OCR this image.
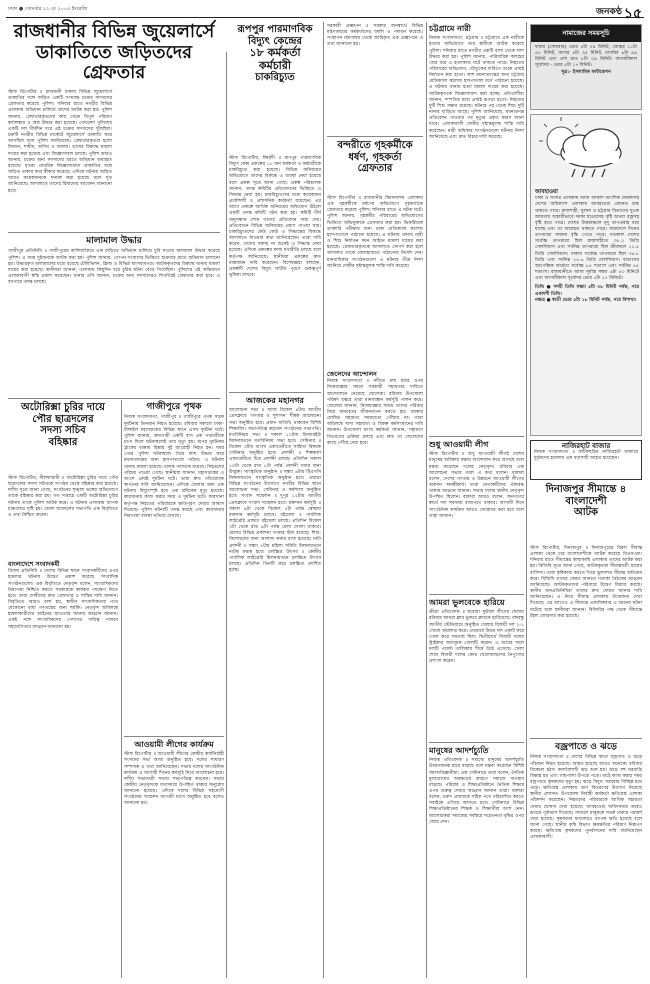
ঢাকা ● সোমবার ১২ মে ২০০৩ ইংরেজি	জনকণ্ঠ ১৫
রাজধানীর বিভিন্ন জুয়েলার্সে
ডাকাতিতে জড়িতদের
গ্রেফতার
স্টাফ রিপোর্টার ॥ রাজধানী ঢাকায় বিভিন্ন জুয়েলার্সে ডাকাতির সঙ্গে জড়িত একটি সংঘবদ্ধ চক্রের সদস্যদের গ্রেফতার করেছে পুলিশ। শনিবার রাতে নগরীর বিভিন্ন এলাকায় অভিযান চালিয়ে তাদের আটক করা হয়। পুলিশ জানায়, গ্রেফতারকৃতদের কাছ থেকে বিপুল পরিমাণ স্বর্ণালঙ্কার ও অস্ত্র উদ্ধার করা হয়েছে। গোয়েন্দা পুলিশের একটি দল দীর্ঘদিন ধরে এই চক্রের সদস্যদের খুঁজছিল। চক্রটি নগরীর বিভিন্ন মার্কেটে জুয়েলার্সে ডাকাতি করে আসছিল বলে পুলিশ জানিয়েছে। গ্রেফতারকৃতরা হলো মিজান, শামীম, জসিম ও আলম। তাদের বিরুদ্ধে মামলা দায়ের করা হয়েছে এবং জিজ্ঞাসাবাদ চলছে। পুলিশ আরও জানায়, চক্রের অন্য সদস্যদের ধরতে অভিযান অব্যাহত রয়েছে। ধৃতরা প্রাথমিক জিজ্ঞাসাবাদে ডাকাতির সঙ্গে জড়িত থাকার কথা স্বীকার করেছে। এদিকে ঘটনায় জড়িত আরও কয়েকজনকে শনাক্ত করা হয়েছে বলে সূত্র জানিয়েছে। আদালতে তাদের রিমান্ডের আবেদন জানানো হবে।
মালামাল উদ্ধার
গাজীপুর প্রতিনিধি ॥ গাজীপুরের কালিয়াকৈরে এক বাড়িতে অভিযান চালিয়ে চুরি যাওয়া মালামাল উদ্ধার করেছে পুলিশ। এ সময় দুইজনকে আটক করা হয়। পুলিশ জানায়, গোপন সংবাদের ভিত্তিতে শুক্রবার রাতে অভিযান চালানো হয়। উদ্ধারকৃত মালামালের মধ্যে রয়েছে টেলিভিশন, ফ্রিজ ও বিভিন্ন আসবাবপত্র। আটককৃতদের বিরুদ্ধে থানায় মামলা দায়ের করা হয়েছে। স্থানীয়রা জানান, এলাকায় কিছুদিন ধরে চুরির ঘটনা বেড়ে গিয়েছিল। পুলিশের এই অভিযানে এলাকাবাসী স্বস্তি প্রকাশ করেছেন। থানার ওসি জানান, চক্রের অন্য সদস্যদেরও শিগগিরই গ্রেফতার করা হবে। এ ব্যাপারে তদন্ত চলছে।
অটোরিক্সা চুরির দায়ে
পৌর ছাত্রদলের
সদস্য সচিব
বহিষ্কার
স্টাফ রিপোর্টার, নীলফামারী ॥ অটোরিক্সা চুরির দায়ে পৌর ছাত্রদলের সদস্য সচিবকে সংগঠন থেকে বহিষ্কার করা হয়েছে। দলীয় সূত্রে জানা গেছে, সংগঠনের শৃঙ্খলা ভঙ্গের অভিযোগে তাকে বহিষ্কার করা হয়। গত সপ্তাহে একটি অটোরিক্সা চুরির ঘটনায় তাকে পুলিশ আটক করে। এ ঘটনায় এলাকায় ব্যাপক চাঞ্চল্যের সৃষ্টি হয়। জেলা ছাত্রদলের সভাপতি এক বিবৃতিতে এ তথ্য নিশ্চিত করেন।
বাংলাদেশে সংবাদকর্মী
বিশেষ প্রতিনিধি ॥ দেশের বিভিন্ন স্থানে সংবাদকর্মীদের ওপর হামলার ঘটনায় উদ্বেগ প্রকাশ করেছে সাংবাদিক সংগঠনগুলো। এক বিবৃতিতে নেতৃবৃন্দ বলেন, সাংবাদিকদের নিরাপত্তা নিশ্চিত করতে সরকারকে কার্যকর পদক্ষেপ নিতে হবে। তারা দোষীদের দ্রুত গ্রেফতার ও শাস্তির দাবি জানান। বিবৃতিতে আরও বলা হয়, স্বাধীন সাংবাদিকতার পথে যেকোনো বাধা গণতন্ত্রের জন্য হুমকি। নেতৃবৃন্দ অবিলম্বে হামলাকারীদের আইনের আওতায় আনার আহ্বান জানান। একই সঙ্গে সাংবাদিকদের পেশাগত দায়িত্ব পালনে সহযোগিতার আহ্বান জানানো হয়।
গাজীপুরে পৃথক
নিজস্ব সংবাদদাতা, গাজীপুর ॥ গাজীপুরে পৃথক সড়ক দুর্ঘটনায় তিনজন নিহত হয়েছে। রবিবার সকালে ঢাকা-টাঙ্গাইল মহাসড়কের বিভিন্ন স্থানে এসব দুর্ঘটনা ঘটে। পুলিশ জানায়, দ্রুতগামী একটি বাস এক পথচারীকে চাপা দিলে ঘটনাস্থলেই তার মৃত্যু হয়। অপর দুর্ঘটনায় ট্রাকের ধাক্কায় রিক্সার দুই আরোহী নিহত হন। খবর পেয়ে পুলিশ ঘটনাস্থলে গিয়ে লাশ উদ্ধার করে ময়নাতদন্তের জন্য হাসপাতালে পাঠায়। এ ঘটনায় থানায় মামলা হয়েছে। চালক পলাতক রয়েছে। নিহতদের পরিচয় পাওয়া গেছে। স্থানীয়রা জানান, মহাসড়কের এ অংশে প্রায়ই দুর্ঘটনা ঘটে। তারা দ্রুত গতিরোধক স্থাপনের দাবি জানিয়েছেন। এদিকে জেলার অন্য এক ঘটনায় বিদ্যুৎস্পৃষ্ট হয়ে এক শ্রমিকের মৃত্যু হয়েছে। কারখানায় কাজ করার সময় এ দুর্ঘটনা ঘটে। কারখানা কর্তৃপক্ষ নিহতের পরিবারকে ক্ষতিপূরণ দেয়ার আশ্বাস দিয়েছে। পুলিশ ঘটনাটি তদন্ত করছে এবং কারখানার নিরাপত্তা ব্যবস্থা খতিয়ে দেখছে।
আওয়ামী লীগের কার্যক্রম
স্টাফ রিপোর্টার ॥ আওয়ামী লীগের কেন্দ্রীয় কার্যনির্বাহী সংসদের সভা আজ অনুষ্ঠিত হবে। দলের সাধারণ সম্পাদক এ তথ্য জানিয়েছেন। সভায় দলের সাংগঠনিক কার্যক্রম ও আগামী দিনের কর্মসূচি নিয়ে আলোচনা হবে। দলীয় সভানেত্রী সভায় সভাপতিত্ব করবেন। সভায় কেন্দ্রীয় নেতৃবৃন্দকে যথাসময়ে উপস্থিত থাকার অনুরোধ জানানো হয়েছে। এদিকে দলের বিভিন্ন সহযোগী সংগঠনের সম্মেলন আগামী মাসে অনুষ্ঠিত হবে বলেও জানানো হয়।
রূপপুর পারমাণবিক
বিদ্যুৎ কেন্দ্রের
১৮ কর্মকর্তা
কর্মচারী
চাকরিচ্যুত
স্টাফ রিপোর্টার, ঈশ্বরদী ॥ রূপপুর পারমাণবিক বিদ্যুৎ কেন্দ্র প্রকল্পের ১৮ জন কর্মকর্তা ও কর্মচারীকে চাকরিচ্যুত করা হয়েছে। বিভিন্ন অনিয়মের অভিযোগে তাদের বিরুদ্ধে এ ব্যবস্থা নেয়া হয়েছে বলে প্রকল্প সূত্রে জানা গেছে। প্রকল্প পরিচালক জানান, তদন্ত কমিটির প্রতিবেদনের ভিত্তিতে এ সিদ্ধান্ত নেয়া হয়। চাকরিচ্যুতদের মধ্যে কয়েকজন প্রকৌশলী ও প্রশাসনিক কর্মকর্তা রয়েছেন। এর আগে প্রকল্পে আর্থিক অনিয়মের অভিযোগ উঠলে একটি তদন্ত কমিটি গঠন করা হয়। কমিটি দীর্ঘ অনুসন্ধান শেষে তাদের প্রতিবেদন জমা দেয়। প্রতিবেদনে বিভিন্ন অনিয়মের প্রমাণ পাওয়া যায়। চাকরিচ্যুতদের কেউ কেউ এ সিদ্ধান্তের বিরুদ্ধে আদালতে যাওয়ার কথা জানিয়েছেন। তারা দাবি করেন, তাদের বক্তব্য না শুনেই এ সিদ্ধান্ত নেয়া হয়েছে। এদিকে প্রকল্পের কাজ যথারীতি চলছে বলে কর্তৃপক্ষ জানিয়েছে। স্থানীয়রা প্রকল্পের দ্রুত বাস্তবায়ন দাবি করেছেন। বিশেষজ্ঞরা বলছেন, প্রকল্পটি দেশের বিদ্যুৎ ঘাটতি পূরণে গুরুত্বপূর্ণ ভূমিকা রাখবে।
আজকের মহানগর
আলোচনা সভা ॥ আজ বিকেল ৪টায় জাতীয় প্রেসক্লাবে 'গণতন্ত্র ও সুশাসন' শীর্ষক আলোচনা সভা অনুষ্ঠিত হবে। প্রধান অতিথি থাকবেন বিশিষ্ট শিক্ষাবিদ। সভাপতিত্ব করবেন সংগঠনের সভাপতি। মতবিনিময় সভা ॥ সকাল ১০টায় ডিআরইউ মিলনায়তনে মতবিনিময় সভা হবে। সেমিনার ॥ বিকেল ৩টায় বাংলা একাডেমীতে সাহিত্য বিষয়ক সেমিনার অনুষ্ঠিত হবে। প্রদর্শনী ॥ শিল্পকলা একাডেমীতে চিত্র প্রদর্শনী চলছে। প্রতিদিন সকাল ১০টা থেকে রাত ৮টা পর্যন্ত প্রদর্শনী সবার জন্য উন্মুক্ত। সাংস্কৃতিক অনুষ্ঠান ॥ সন্ধ্যা ৬টায় টিএসসি মিলনায়তনে সাংস্কৃতিক অনুষ্ঠান হবে। এছাড়া বিভিন্ন সংগঠনের উদ্যোগে নগরীর বিভিন্ন স্থানে আলোচনা সভা, সেমিনার ও কর্মশালা অনুষ্ঠিত হবে। সংবাদ সম্মেলন ॥ দুপুর ১২টায় জাতীয় প্রেসক্লাবে সংবাদ সম্মেলন হবে। রক্তদান কর্মসূচি ॥ সকাল ৯টা থেকে বিকেল ৫টা পর্যন্ত স্বেচ্ছায় রক্তদান কর্মসূচি চলবে। বইমেলা ॥ পাবলিক লাইব্রেরি প্রাঙ্গণে বইমেলা চলছে। প্রতিদিন বিকেল ৩টা থেকে রাত ৯টা পর্যন্ত মেলা খোলা থাকবে। মেলায় বিভিন্ন প্রকাশনা সংস্থার স্টল রয়েছে। শিশু-কিশোরদের জন্য আলাদা কর্নার রাখা হয়েছে। নাট্য প্রদর্শনী ॥ সন্ধ্যা ৭টায় মহিলা সমিতি মিলনায়তনে নাটক মঞ্চস্থ হবে। চলচ্চিত্র উৎসব ॥ কেন্দ্রীয় পাবলিক লাইব্রেরি মিলনায়তনে চলচ্চিত্র উৎসব চলছে। প্রতিদিন তিনটি করে চলচ্চিত্র প্রদর্শিত হচ্ছে।
সরকারী প্রজ্ঞাপন ॥ সরকার জনস্বার্থে বিভিন্ন মন্ত্রণালয়ের কর্মকর্তাদের বদলি ও পদায়ন করেছে। সংস্থাপন মন্ত্রণালয় থেকে জারিকৃত এক প্রজ্ঞাপনে এ তথ্য জানানো হয়।
বন্দরীতে গৃহকর্মীকে
ধর্ষণ, গৃহকর্তা
গ্রেফতার
স্টাফ রিপোর্টার ॥ রাজধানীর বিমানবন্দর এলাকায় এক গৃহকর্মীকে ধর্ষণের অভিযোগে গৃহকর্তাকে গ্রেফতার করেছে পুলিশ। শনিবার রাতে এ ঘটনা ঘটে। পুলিশ জানায়, গৃহকর্মীর পরিবারের অভিযোগের ভিত্তিতে অভিযুক্তকে গ্রেফতার করা হয়। ভিকটিমকে ডাক্তারি পরীক্ষার জন্য ঢাকা মেডিক্যাল কলেজ হাসপাতালে পাঠানো হয়েছে। এ ঘটনায় থানায় নারী ও শিশু নির্যাতন দমন আইনে মামলা দায়ের করা হয়েছে। গ্রেফতারকৃতকে আদালতে সোপর্দ করা হলে আদালত তাকে জেলহাজতে পাঠানোর নির্দেশ দেন। মানবাধিকার সংগঠনগুলো এ ঘটনার তীব্র নিন্দা জানিয়ে দোষীর দৃষ্টান্তমূলক শাস্তি দাবি করেছে।
জেলেদের আন্দোলন
নিজস্ব সংবাদদাতা ॥ নদীতে মাছ ধরার ওপর নিষেধাজ্ঞার সময়ে সরকারী সহায়তার দাবিতে আন্দোলনে নেমেছে জেলেরা। রবিবার উপজেলা পরিষদ চত্বরে তারা মানববন্ধন কর্মসূচি পালন করে। জেলেরা জানান, নিষেধাজ্ঞার সময়ে তাদের পরিবার নিয়ে মানবেতর জীবনযাপন করতে হয়। সরকার ঘোষিত সহায়তা সময়মতো পৌঁছায় না। তারা অবিলম্বে খাদ্য সহায়তা ও বিকল্প কর্মসংস্থানের দাবি জানান। উপজেলা মৎস্য কর্মকর্তা জানান, সহায়তা বিতরণের প্রক্রিয়া চলছে এবং দ্রুত তা জেলেদের কাছে পৌঁছে দেয়া হবে।
চট্টগ্রামে নারী
নিজস্ব সংবাদদাতা, চট্টগ্রাম ॥ চট্টগ্রামে এক নারীকে হত্যার অভিযোগে তার স্বামীকে আটক করেছে পুলিশ। শনিবার রাতে নগরীর একটি বাসা থেকে লাশ উদ্ধার করা হয়। পুলিশ জানায়, পারিবারিক কলহের জের ধরে এ হত্যাকাণ্ড ঘটে থাকতে পারে। নিহতের পরিবারের অভিযোগ, যৌতুকের দাবিতে তাকে প্রায়ই নির্যাতন করা হতো। লাশ ময়নাতদন্তের জন্য চট্টগ্রাম মেডিক্যাল কলেজ হাসপাতাল মর্গে পাঠানো হয়েছে। এ ঘটনায় থানায় হত্যা মামলা দায়ের করা হয়েছে। আটককৃতকে জিজ্ঞাসাবাদ করা হচ্ছে। প্রতিবেশীরা জানান, দম্পতির মধ্যে প্রায়ই ঝগড়া হতো। নিহতের দুটি শিশু সন্তান রয়েছে। ঘটনার পর থেকে শিশু দুটি নানার বাড়িতে আছে। পুলিশ জানিয়েছে, ময়নাতদন্ত প্রতিবেদন পাওয়ার পর মৃত্যুর প্রকৃত কারণ জানা যাবে। এলাকাবাসী দোষীর দৃষ্টান্তমূলক শাস্তি দাবি করেছেন। নারী অধিকার সংগঠনগুলো ঘটনার নিন্দা জানিয়েছে এবং দ্রুত বিচার দাবি করেছে।
শুধু আওয়ামী লীগ
স্টাফ রিপোর্টার ॥ শুধু আওয়ামী লীগই দেশের মানুষের অধিকার রক্ষায় আন্দোলন করে আসছে বলে মন্তব্য করেছেন দলের নেতৃবৃন্দ। রবিবার এক আলোচনা সভায় তারা এ কথা বলেন। বক্তারা বলেন, দেশের গণতন্ত্র ও উন্নয়নে আওয়ামী লীগের অবদান অনস্বীকার্য। তারা নেতাকর্মীদের ঐক্যবদ্ধ থাকার আহ্বান জানান। সভায় দলের স্থানীয় নেতৃবৃন্দ উপস্থিত ছিলেন। বক্তারা আরও বলেন, জনগণের স্বার্থে দল সবসময় রাজপথে থাকবে। আগামী দিনে সাংগঠনিক কার্যক্রম আরও জোরদার করা হবে বলে তারা জানান।
আমরা ভুলবেকে হারিয়ে
ক্রীড়া প্রতিবেদক ॥ ঘরোয়া ফুটবল লীগের খেলায় রবিবার আমরা ক্লাব ভুলবে ক্লাবকে হারিয়েছে। বঙ্গবন্ধু জাতীয় স্টেডিয়ামে অনুষ্ঠিত খেলায় বিজয়ী দল ২-১ গোলে জয়লাভ করে। প্রথমার্ধে উভয় দল একটি করে গোল করে সমতায় ছিল। দ্বিতীয়ার্ধে বিজয়ী দলের স্ট্রাইকার জয়সূচক গোলটি করেন। এ জয়ের ফলে দলটি পয়েন্ট তালিকায় শীর্ষে উঠে এসেছে। খেলা শেষে বিজয়ী দলের কোচ খেলোয়াড়দের নৈপুণ্যের প্রশংসা করেন।
মানুষের আদর্শচ্যুতি
নিজস্ব প্রতিবেদক ॥ সমাজে মানুষের আদর্শচ্যুতি উদ্বেগজনক হারে বাড়ছে বলে মন্তব্য করেছেন বিশিষ্ট সমাজবিজ্ঞানীরা। এক সেমিনারে তারা বলেন, নৈতিক মূল্যবোধের অবক্ষয়ের কারণে সমাজে অপরাধ বাড়ছে। পরিবার ও শিক্ষাপ্রতিষ্ঠানে নৈতিক শিক্ষার ওপর গুরুত্ব দেয়ার আহ্বান জানান তারা। বক্তারা বলেন, তরুণ প্রজন্মকে সঠিক পথে পরিচালিত করতে সবাইকে এগিয়ে আসতে হবে। সেমিনারে বিভিন্ন শিক্ষাপ্রতিষ্ঠানের শিক্ষক ও শিক্ষার্থীরা অংশ নেন। আলোচকরা সমাজের সর্বস্তরে সচেতনতা বৃদ্ধির ওপর জোর দেন।
নামাজের সময়সূচি
ফজর (সোমবার) ভোর ৪টা ০৯ মিনিট, জোহর ১১টা ৫৮ মিনিট, আসর ৪টা ৩৫ মিনিট, মাগরিব ৬টা ৪৯ মিনিট এবং এশা রাত ৮টা ০৯ মিনিট। আগামীকাল সূর্যোদয় - ভোর ৫টা ১৭ মিনিট।
সূত্র:- ইসলামিক ফাউন্ডেশন
আবহাওয়া
ঢাকা ও সংলগ্ন এলাকায় আজ আকাশ আংশিক মেঘলাসহ দেশের অধিকাংশ এলাকায় আবহাওয়া প্রধানত শুষ্ক থাকতে পারে। রাজশাহী, খুলনা ও চট্টগ্রাম বিভাগের দুএক জায়গায় অস্থায়ীভাবে দমকা হাওয়াসহ বৃষ্টি অথবা বজ্রসহ বৃষ্টি হতে পারে। দেশের উত্তরাঞ্চলে মৃদু তাপপ্রবাহ বয়ে যাচ্ছে এবং তা অব্যাহত থাকতে পারে। সারাদেশে দিনের তাপমাত্রা সামান্য বৃদ্ধি পেতে পারে। গতকাল দেশের সর্বোচ্চ তাপমাত্রা ছিল রাজশাহীতে ৩৮.২ ডিগ্রি সেলসিয়াস এবং সর্বনিম্ন তাপমাত্রা ছিল শ্রীমঙ্গলে ২১.৫ ডিগ্রি সেলসিয়াস। ঢাকায় সর্বোচ্চ তাপমাত্রা ছিল ৩৪.৮ ডিগ্রি এবং সর্বনিম্ন ২৫.৬ ডিগ্রি সেলসিয়াস। বাতাসের আপেক্ষিক আর্দ্রতা সর্বোচ্চ ৮৫ শতাংশ এবং সর্বনিম্ন ৪৫ শতাংশ। রাজধানীতে আজ সূর্যাস্ত সন্ধ্যা ৬টা ৪৩ মিনিটে এবং আগামীকাল সূর্যোদয় ভোর ৫টা ১৭ মিনিটে।
তিথি ● দশমী তিথি সন্ধ্যা ৫টা ৩৮ মিনিট পর্যন্ত, পরে একাদশী তিথি।
নক্ষত্র ● স্বাতী ভোর ৫টা ১৮ মিনিট পর্যন্ত, পরে বিশাখা।
নাজিরহাট বাজার
নিজস্ব সংবাদদাতা ॥ ফটিকছড়ির নাজিরহাট বাজারে দুর্বৃত্তদের হামলায় এক ব্যবসায়ী আহত হয়েছেন।
দিনাজপুর সীমান্তে ৪
বাংলাদেশী
আটক
স্টাফ রিপোর্টার, দিনাজপুর ॥ দিনাজপুরের বিরল সীমান্ত এলাকা থেকে চার বাংলাদেশীকে আটক করেছে বিএসএফ। শনিবার রাতে সীমান্তের কাছাকাছি এলাকায় তাদের আটক করা হয়। বিজিবি সূত্রে জানা গেছে, আটককৃতরা সীমান্তবর্তী গ্রামের বাসিন্দা। তারা কৃষিকাজ করতে গিয়ে ভুলবশত সীমান্ত অতিক্রম করে। বিজিবি তাদের ফেরত আনতে পতাকা বৈঠকের আহ্বান জানিয়েছে। আটককৃতদের পরিবারে উদ্বেগ বিরাজ করছে। স্থানীয় জনপ্রতিনিধিরা তাদের দ্রুত ফেরত আনার দাবি জানিয়েছেন। এ নিয়ে সীমান্ত এলাকায় উত্তেজনা দেখা দিয়েছে। এর আগেও এ সীমান্তে একাধিকবার এ ধরনের ঘটনা ঘটেছে বলে স্থানীয়রা জানান। বিজিবির পক্ষ থেকে সীমান্তে টহল জোরদার করা হয়েছে।
বজ্রপাতে ও ঝড়ে
নিজস্ব সংবাদদাতা ॥ দেশের বিভিন্ন স্থানে বজ্রপাত ও ঝড়ে পাঁচজন নিহত হয়েছে। আহত হয়েছে আরও অনেকে। রবিবার বিকেলে হঠাৎ কালবৈশাখী ঝড় শুরু হয়। ঝড়ে বহু ঘরবাড়ি বিধ্বস্ত হয় এবং গাছপালা উপড়ে পড়ে। মাঠে কাজ করার সময় বজ্রপাতে কৃষকদের মৃত্যু হয়। ঝড়ে বিদ্যুৎ সরবরাহ বিচ্ছিন্ন হয়ে পড়ে। ক্ষতিগ্রস্ত এলাকায় ত্রাণ বিতরণের উদ্যোগ নিয়েছে স্থানীয় প্রশাসন। উপজেলা নির্বাহী কর্মকর্তা ক্ষতিগ্রস্ত এলাকা পরিদর্শন করেছেন। নিহতদের পরিবারকে আর্থিক সহায়তা দেয়ার ঘোষণা দেয়া হয়েছে। আবহাওয়া অধিদফতর আরও ঝড়ের পূর্বাভাস দিয়েছে। সাধারণ মানুষকে সতর্ক থাকার পরামর্শ দেয়া হয়েছে। কৃষকদের ফসলেরও ব্যাপক ক্ষতি হয়েছে বলে জানা গেছে। স্থানীয় কৃষি বিভাগ ক্ষয়ক্ষতির পরিমাণ নিরূপণ করছে। ক্ষতিগ্রস্ত কৃষকদের পুনর্বাসনের দাবি জানিয়েছেন এলাকাবাসী।
